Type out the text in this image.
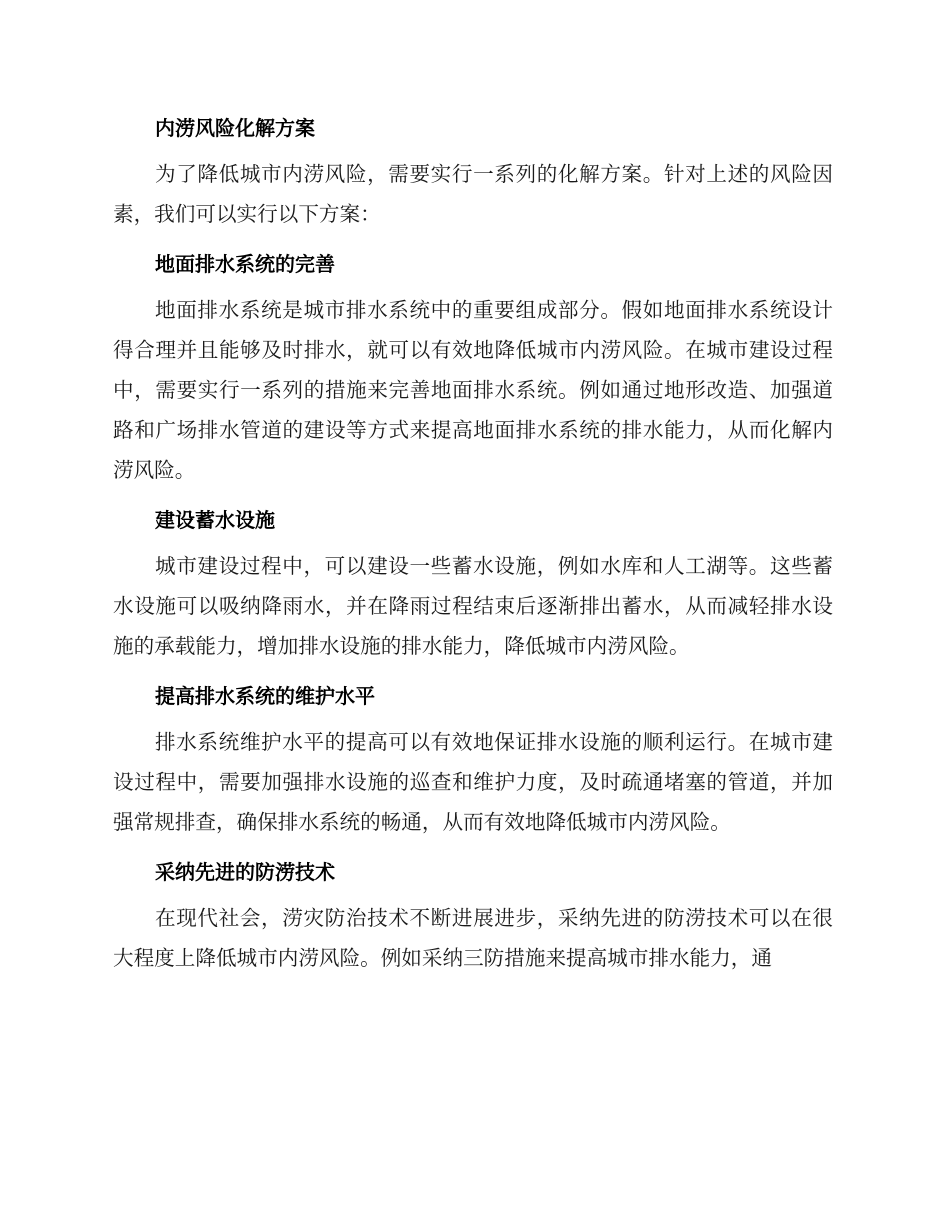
内涝风险化解方案

为了降低城市内涝风险，需要实行一系列的化解方案。针对上述的风险因素，我们可以实行以下方案：

地面排水系统的完善

地面排水系统是城市排水系统中的重要组成部分。假如地面排水系统设计得合理并且能够及时排水，就可以有效地降低城市内涝风险。在城市建设过程中，需要实行一系列的措施来完善地面排水系统。例如通过地形改造、加强道路和广场排水管道的建设等方式来提高地面排水系统的排水能力，从而化解内涝风险。

建设蓄水设施

城市建设过程中，可以建设一些蓄水设施，例如水库和人工湖等。这些蓄水设施可以吸纳降雨水，并在降雨过程结束后逐渐排出蓄水，从而减轻排水设施的承载能力，增加排水设施的排水能力，降低城市内涝风险。

提高排水系统的维护水平

排水系统维护水平的提高可以有效地保证排水设施的顺利运行。在城市建设过程中，需要加强排水设施的巡查和维护力度，及时疏通堵塞的管道，并加强常规排查，确保排水系统的畅通，从而有效地降低城市内涝风险。

采纳先进的防涝技术

在现代社会，涝灾防治技术不断进展进步，采纳先进的防涝技术可以在很大程度上降低城市内涝风险。例如采纳三防措施来提高城市排水能力，通
